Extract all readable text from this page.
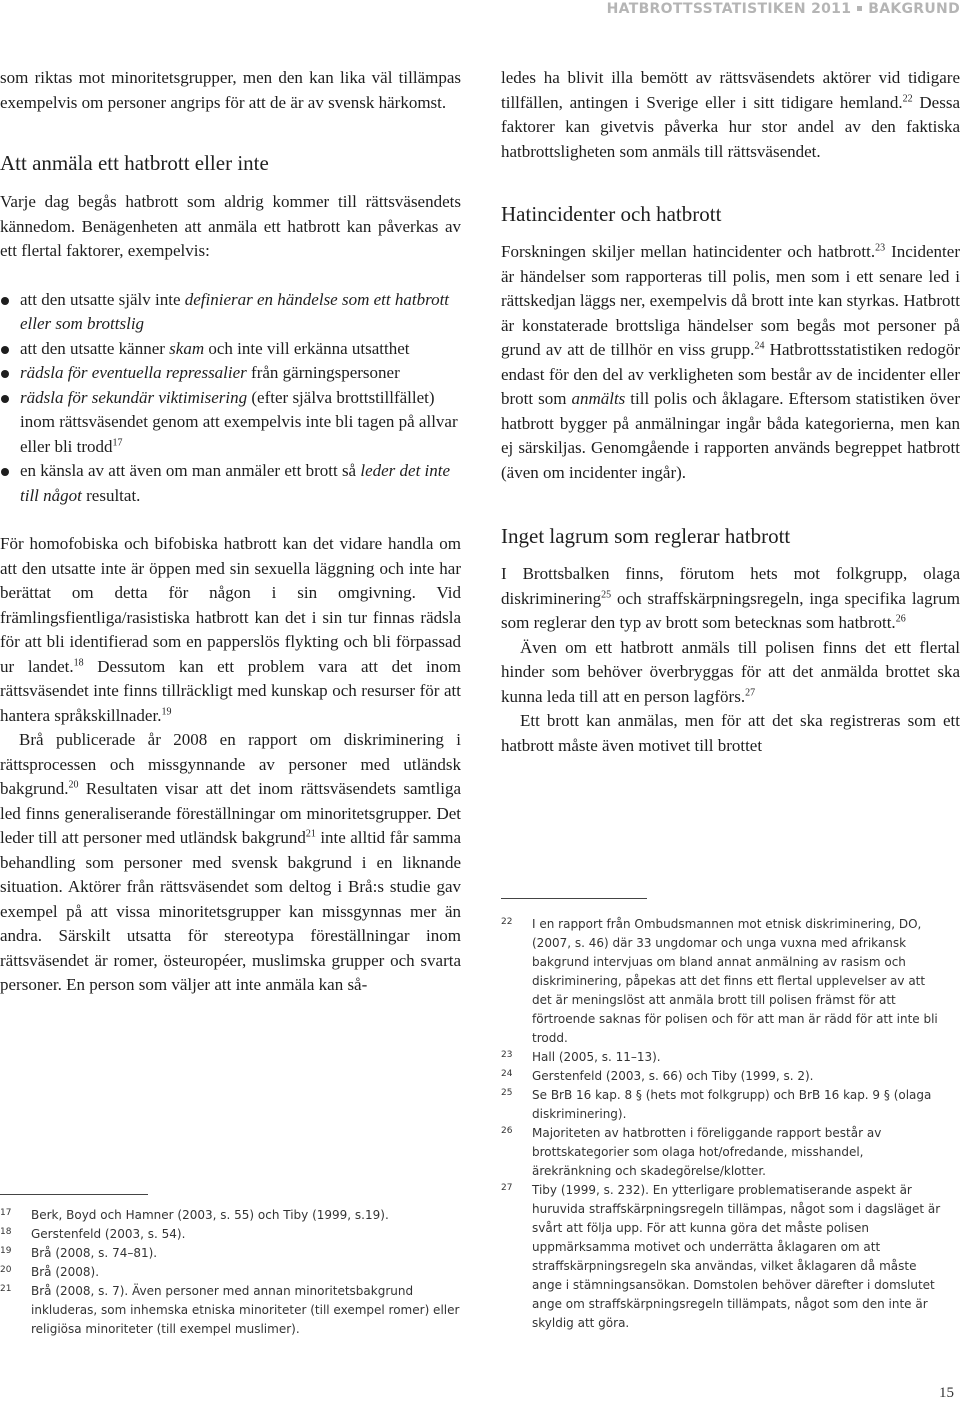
HATBROTTSSTATISTIKEN 2011 BAKGRUND

som riktas mot minoritetsgrupper, men den kan lika väl tillämpas exempelvis om personer angrips för att de är av svensk härkomst.

Att anmäla ett hatbrott eller inte

Varje dag begås hatbrott som aldrig kommer till rättsväsendets kännedom. Benägenheten att anmäla ett hatbrott kan påverkas av ett flertal faktorer, exempelvis:

att den utsatte själv inte definierar en händelse som ett hatbrott eller som brottslig
att den utsatte känner skam och inte vill erkänna utsatthet
rädsla för eventuella repressalier från gärningspersoner
rädsla för sekundär viktimisering (efter själva brottstillfället) inom rättsväsendet genom att exempelvis inte bli tagen på allvar eller bli trodd$^{17}$
en känsla av att även om man anmäler ett brott så leder det inte till något resultat.

För homofobiska och bifobiska hatbrott kan det vidare handla om att den utsatte inte är öppen med sin sexuella läggning och inte har berättat om detta för någon i sin omgivning. Vid främlingsfientliga/rasistiska hatbrott kan det i sin tur finnas rädsla för att bli identifierad som en papperslös flykting och bli förpassad ur landet.$^{18}$ Dessutom kan ett problem vara att det inom rättsväsendet inte finns tillräckligt med kunskap och resurser för att hantera språkskillnader.$^{19}$

Brå publicerade år 2008 en rapport om diskriminering i rättsprocessen och missgynnande av personer med utländsk bakgrund.$^{20}$ Resultaten visar att det inom rättsväsendets samtliga led finns generaliserande föreställningar om minoritetsgrupper. Det leder till att personer med utländsk bakgrund$^{21}$ inte alltid får samma behandling som personer med svensk bakgrund i en liknande situation. Aktörer från rättsväsendet som deltog i Brå:s studie gav exempel på att vissa minoritetsgrupper kan missgynnas mer än andra. Särskilt utsatta för stereotypa föreställningar inom rättsväsendet är romer, östeuropéer, muslimska grupper och svarta personer. En person som väljer att inte anmäla kan så-

ledes ha blivit illa bemött av rättsväsendets aktörer vid tidigare tillfällen, antingen i Sverige eller i sitt tidigare hemland.$^{22}$ Dessa faktorer kan givetvis påverka hur stor andel av den faktiska hatbrottsligheten som anmäls till rättsväsendet.

Hatincidenter och hatbrott

Forskningen skiljer mellan hatincidenter och hatbrott.$^{23}$ Incidenter är händelser som rapporteras till polis, men som i ett senare led i rättskedjan läggs ner, exempelvis då brott inte kan styrkas. Hatbrott är konstaterade brottsliga händelser som begås mot personer på grund av att de tillhör en viss grupp.$^{24}$ Hatbrottsstatistiken redogör endast för den del av verkligheten som består av de incidenter eller brott som anmälts till polis och åklagare. Eftersom statistiken över hatbrott bygger på anmälningar ingår båda kategorierna, men kan ej särskiljas. Genomgående i rapporten används begreppet hatbrott (även om incidenter ingår).

Inget lagrum som reglerar hatbrott

I Brottsbalken finns, förutom hets mot folkgrupp, olaga diskriminering$^{25}$ och straffskärpningsregeln, inga specifika lagrum som reglerar den typ av brott som betecknas som hatbrott.$^{26}$

Även om ett hatbrott anmäls till polisen finns det ett flertal hinder som behöver överbryggas för att det anmälda brottet ska kunna leda till att en person lagförs.$^{27}$

Ett brott kan anmälas, men för att det ska registreras som ett hatbrott måste även motivet till brottet

22 I en rapport från Ombudsmannen mot etnisk diskriminering, DO, (2007, s. 46) där 33 ungdomar och unga vuxna med afrikansk bakgrund intervjuas om bland annat anmälning av rasism och diskriminering, påpekas att det finns ett flertal upplevelser av att det är meningslöst att anmäla brott till polisen främst för att förtroende saknas för polisen och för att man är rädd för att inte bli trodd.
23 Hall (2005, s. 11–13).
24 Gerstenfeld (2003, s. 66) och Tiby (1999, s. 2).
25 Se BrB 16 kap. 8 § (hets mot folkgrupp) och BrB 16 kap. 9 § (olaga diskriminering).
26 Majoriteten av hatbrotten i föreliggande rapport består av brottskategorier som olaga hot/ofredande, misshandel, ärekränkning och skadegörelse/klotter.
27 Tiby (1999, s. 232). En ytterligare problematiserande aspekt är huruvida straffskärpningsregeln tillämpas, något som i dagsläget är svårt att följa upp. För att kunna göra det måste polisen uppmärksamma motivet och underrätta åklagaren om att straffskärpningsregeln ska användas, vilket åklagaren då måste ange i stämningsansökan. Domstolen behöver därefter i domslutet ange om straffskärpningsregeln tillämpats, något som den inte är skyldig att göra.
17 Berk, Boyd och Hamner (2003, s. 55) och Tiby (1999, s.19).
18 Gerstenfeld (2003, s. 54).
19 Brå (2008, s. 74–81).
20 Brå (2008).
21 Brå (2008, s. 7). Även personer med annan minoritetsbakgrund inkluderas, som inhemska etniska minoriteter (till exempel romer) eller religiösa minoriteter (till exempel muslimer).
15
